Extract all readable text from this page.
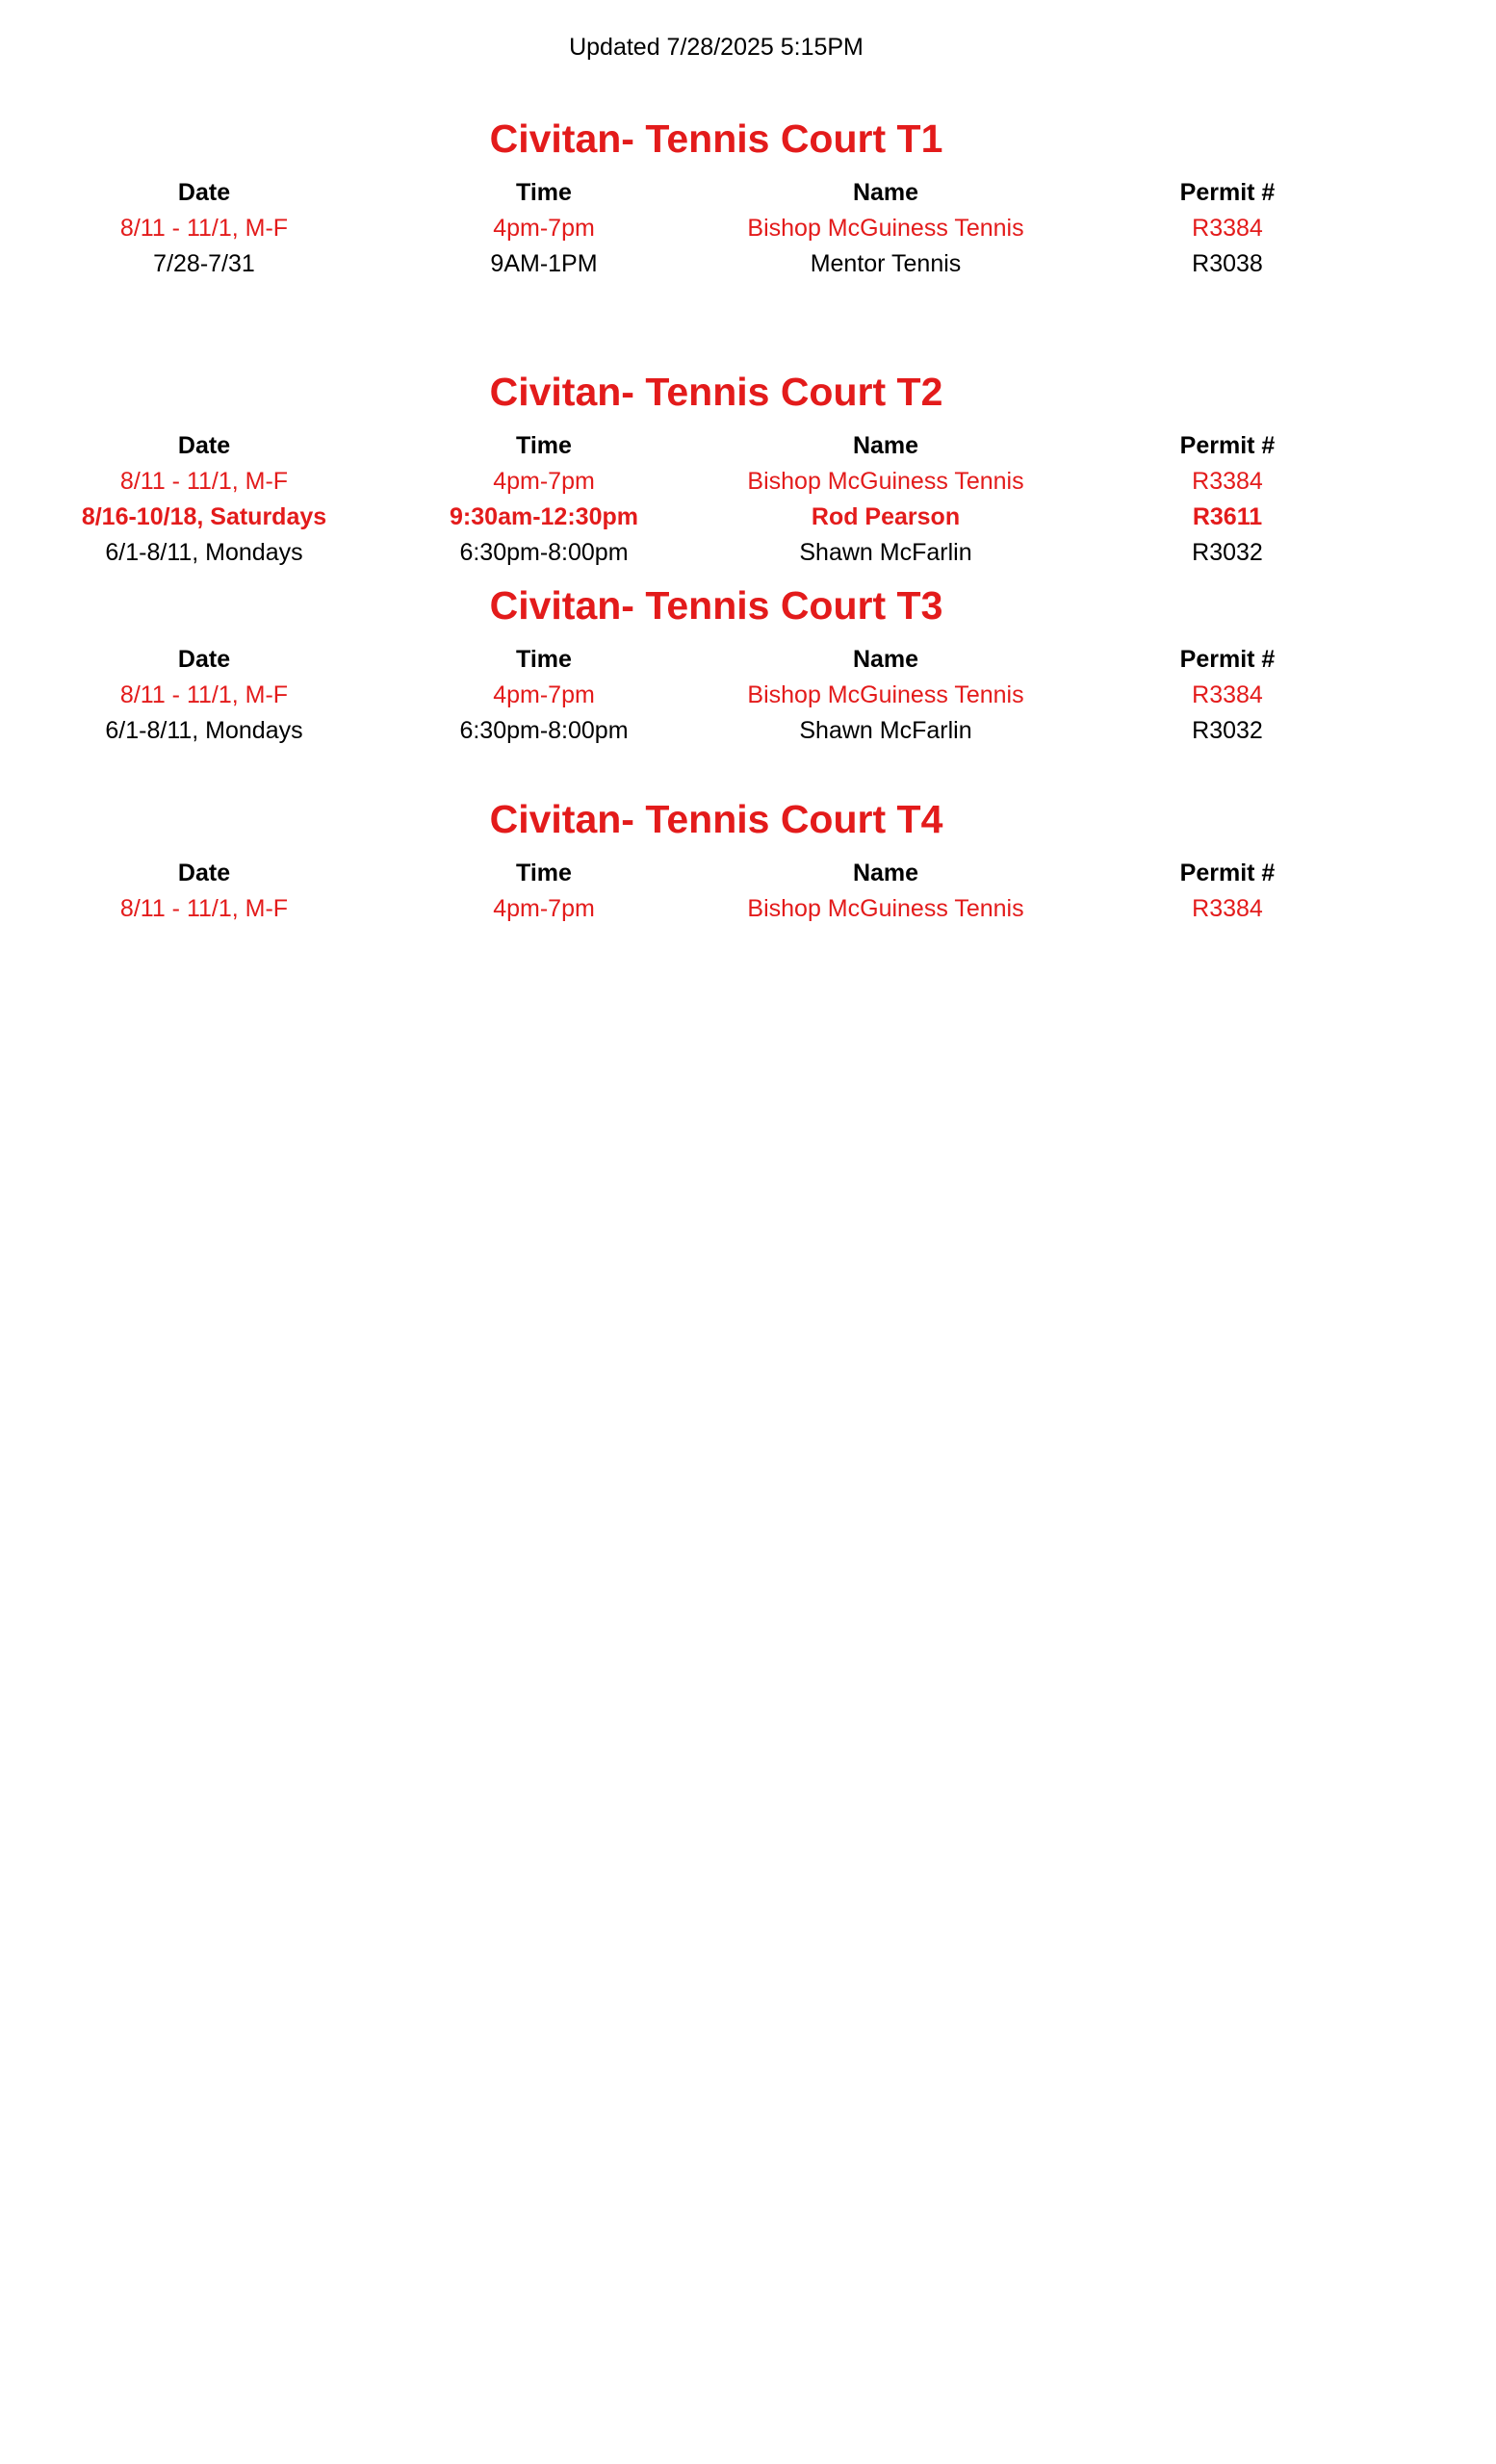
Updated 7/28/2025 5:15PM
Civitan- Tennis Court T1
Date	Time	Name	Permit #
8/11 - 11/1, M-F	4pm-7pm	Bishop McGuiness Tennis	R3384
7/28-7/31	9AM-1PM	Mentor Tennis	R3038
Civitan- Tennis Court T2
Date	Time	Name	Permit #
8/11 - 11/1, M-F	4pm-7pm	Bishop McGuiness Tennis	R3384
8/16-10/18, Saturdays	9:30am-12:30pm	Rod Pearson	R3611
6/1-8/11, Mondays	6:30pm-8:00pm	Shawn McFarlin	R3032
Civitan- Tennis Court T3
Date	Time	Name	Permit #
8/11 - 11/1, M-F	4pm-7pm	Bishop McGuiness Tennis	R3384
6/1-8/11, Mondays	6:30pm-8:00pm	Shawn McFarlin	R3032
Civitan- Tennis Court T4
Date	Time	Name	Permit #
8/11 - 11/1, M-F	4pm-7pm	Bishop McGuiness Tennis	R3384
